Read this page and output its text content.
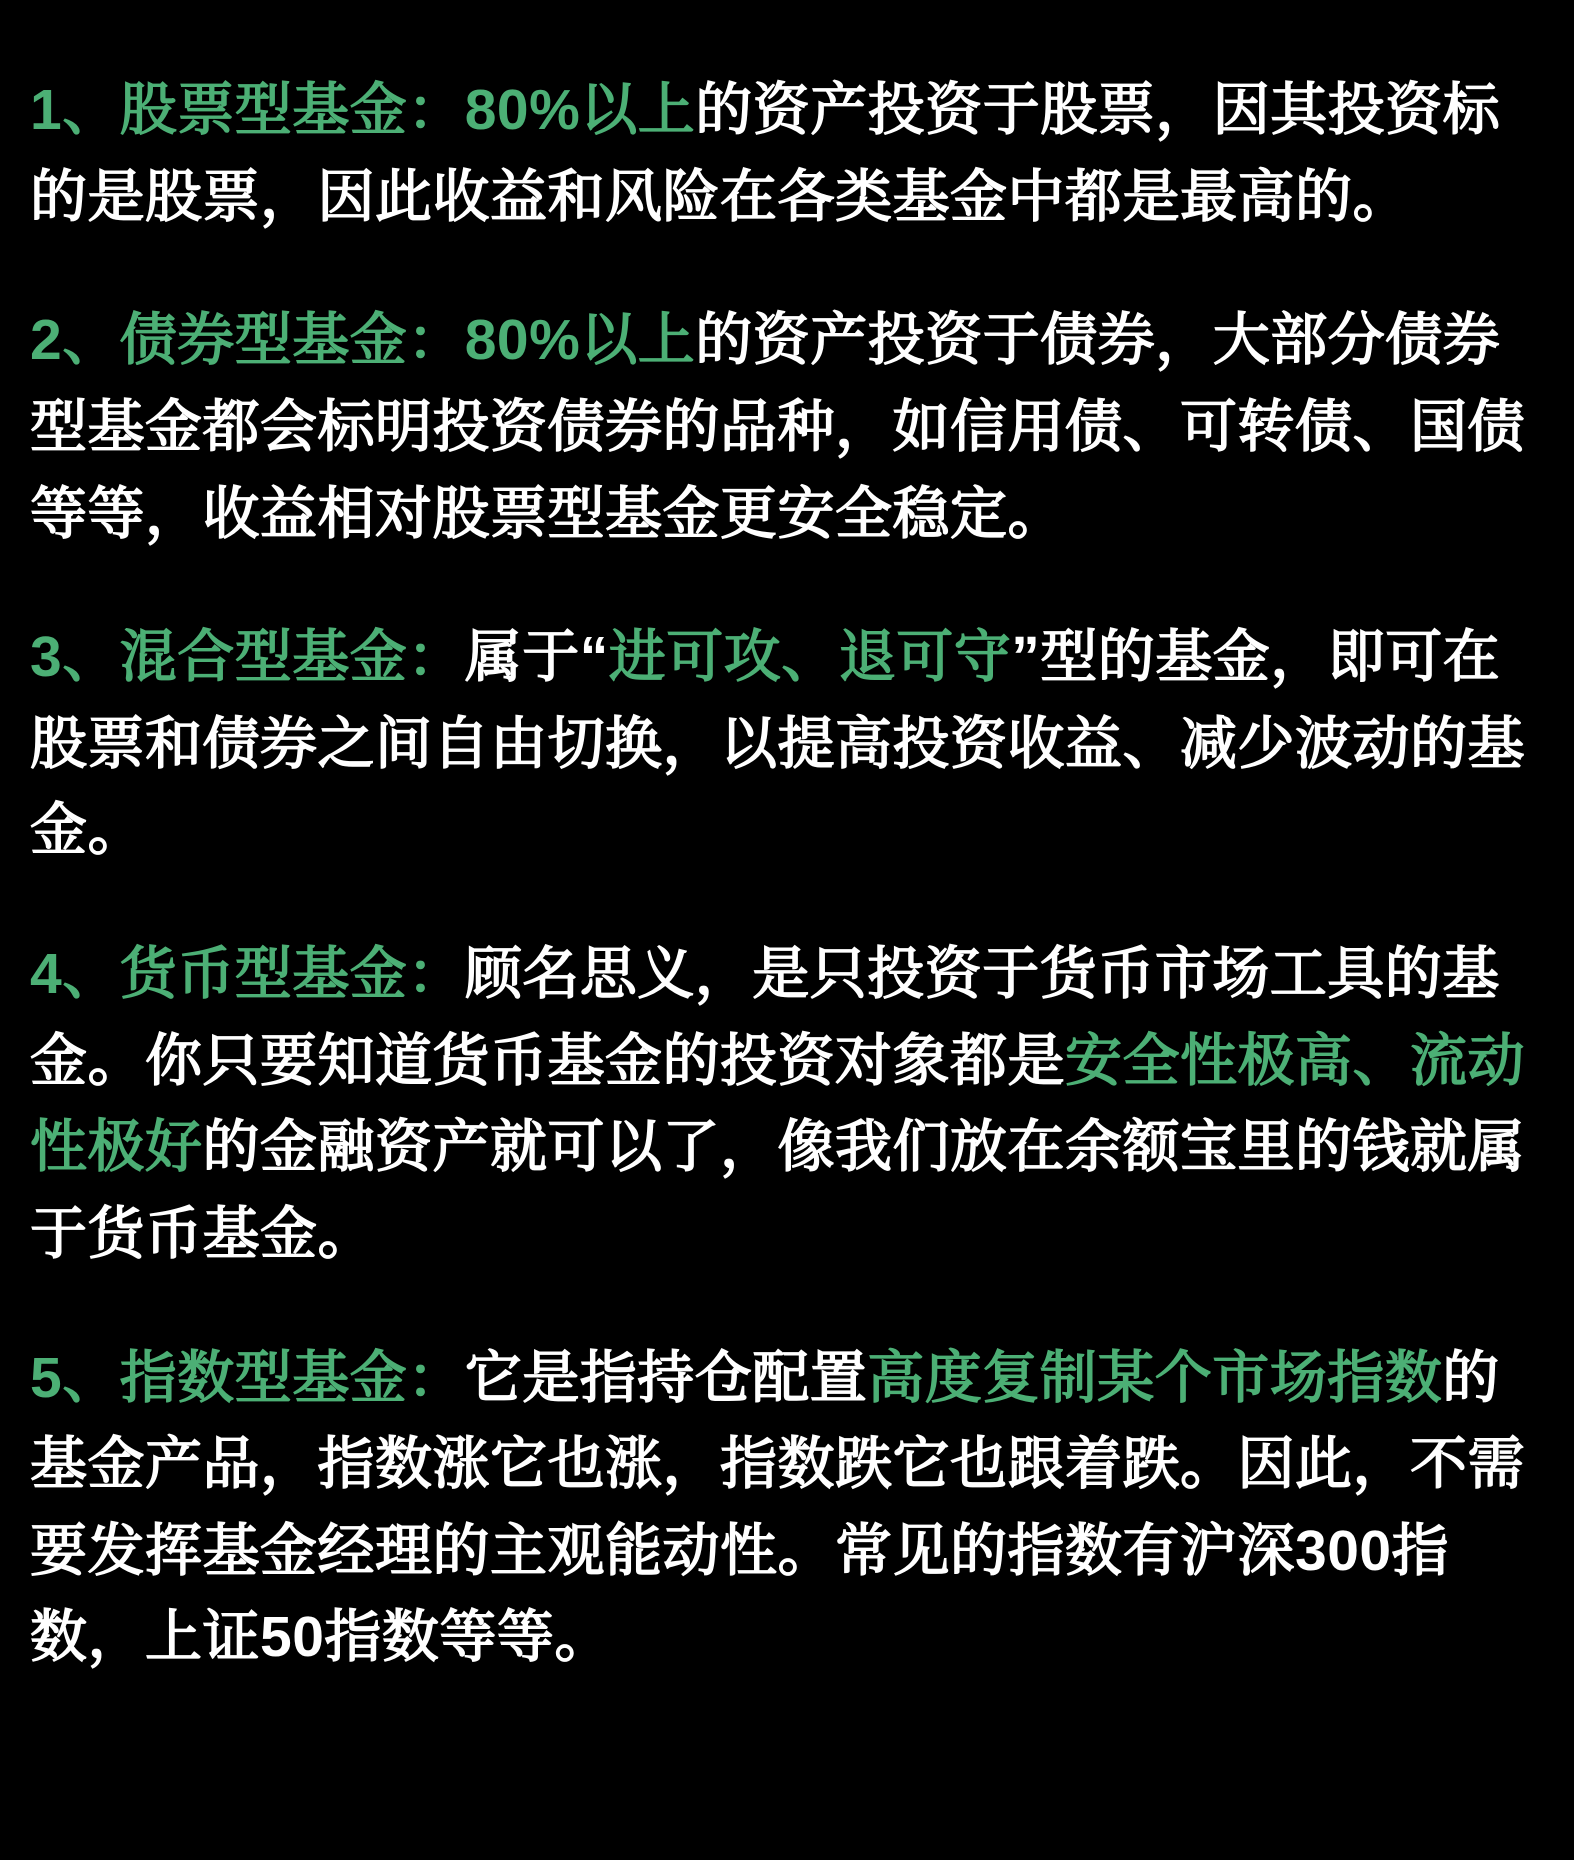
1、股票型基金：80%以上的资产投资于股票，因其投资标的是股票，因此收益和风险在各类基金中都是最高的。

2、债券型基金：80%以上的资产投资于债券，大部分债券型基金都会标明投资债券的品种，如信用债、可转债、国债等等，收益相对股票型基金更安全稳定。

3、混合型基金：属于“进可攻、退可守”型的基金，即可在股票和债券之间自由切换，以提高投资收益、减少波动的基金。

4、货币型基金：顾名思义，是只投资于货币市场工具的基金。你只要知道货币基金的投资对象都是安全性极高、流动性极好的金融资产就可以了，像我们放在余额宝里的钱就属于货币基金。

5、指数型基金：它是指持仓配置高度复制某个市场指数的基金产品，指数涨它也涨，指数跌它也跟着跌。因此，不需要发挥基金经理的主观能动性。常见的指数有沪深300指数，上证50指数等等。
